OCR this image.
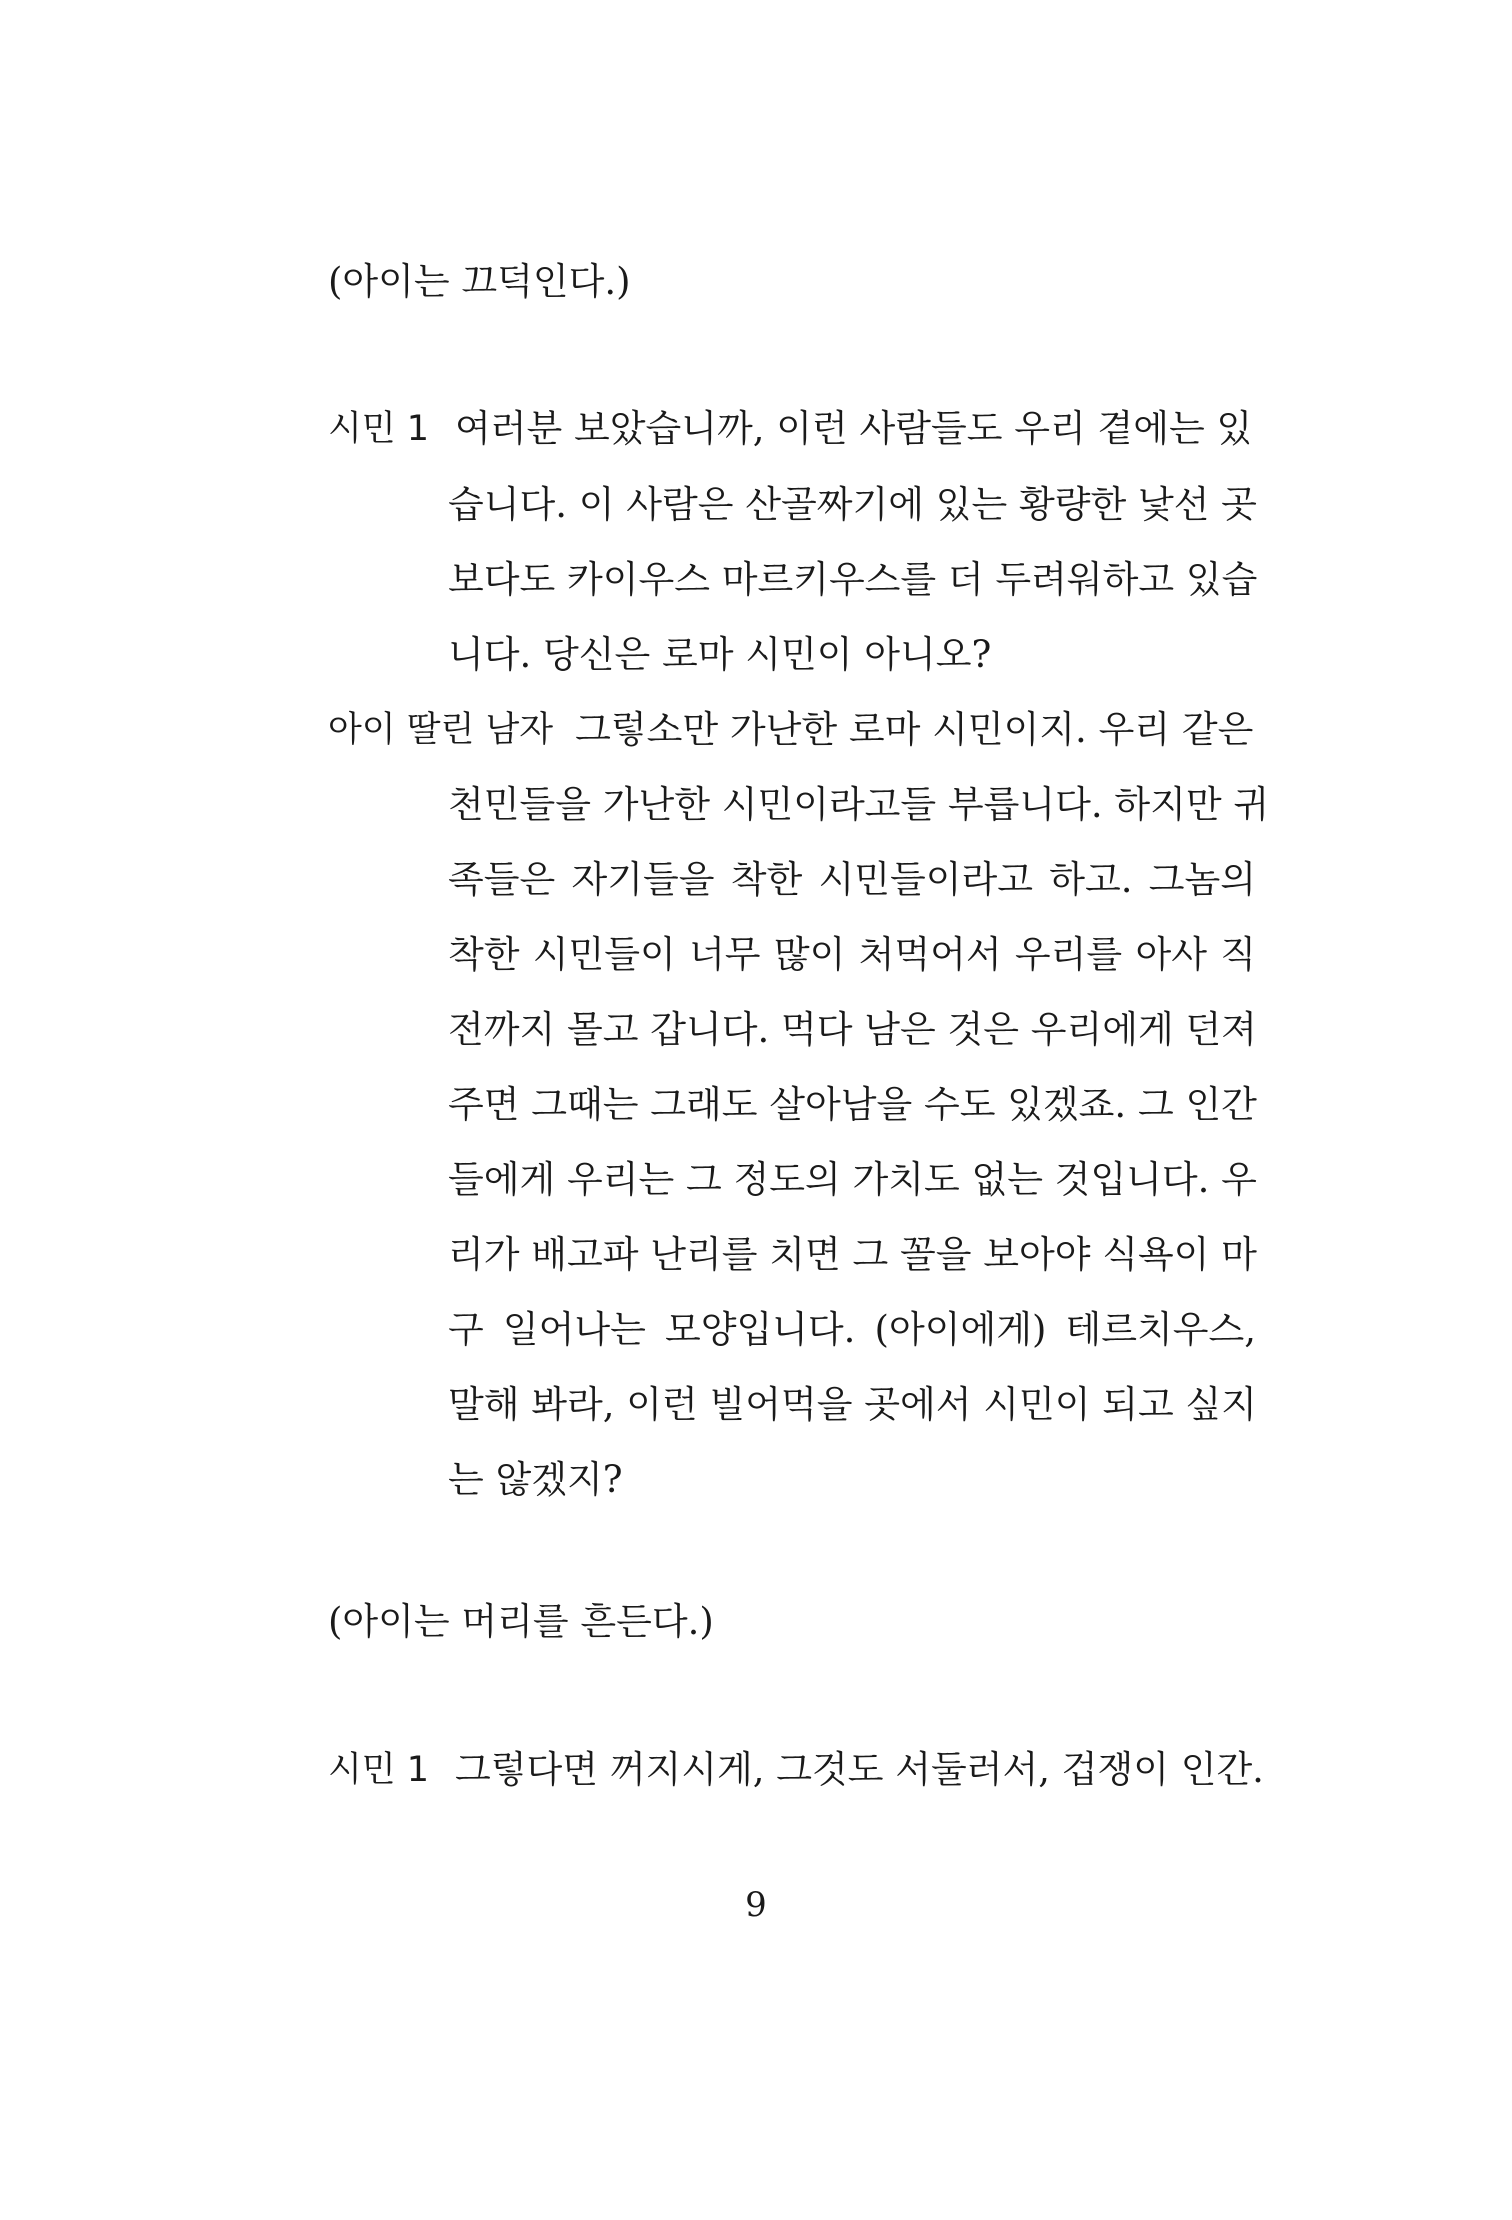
(아이는 끄덕인다.)
시민 1 여러분 보았습니까, 이런 사람들도 우리 곁에는 있
습니다. 이 사람은 산골짜기에 있는 황량한 낯선 곳
보다도 카이우스 마르키우스를 더 두려워하고 있습
니다. 당신은 로마 시민이 아니오?
아이 딸린 남자 그렇소만 가난한 로마 시민이지. 우리 같은
천민들을 가난한 시민이라고들 부릅니다. 하지만 귀
족들은 자기들을 착한 시민들이라고 하고. 그놈의
착한 시민들이 너무 많이 처먹어서 우리를 아사 직
전까지 몰고 갑니다. 먹다 남은 것은 우리에게 던져
주면 그때는 그래도 살아남을 수도 있겠죠. 그 인간
들에게 우리는 그 정도의 가치도 없는 것입니다. 우
리가 배고파 난리를 치면 그 꼴을 보아야 식욕이 마
구 일어나는 모양입니다. (아이에게) 테르치우스,
말해 봐라, 이런 빌어먹을 곳에서 시민이 되고 싶지
는 않겠지?
(아이는 머리를 흔든다.)
시민 1 그렇다면 꺼지시게, 그것도 서둘러서, 겁쟁이 인간.
9
